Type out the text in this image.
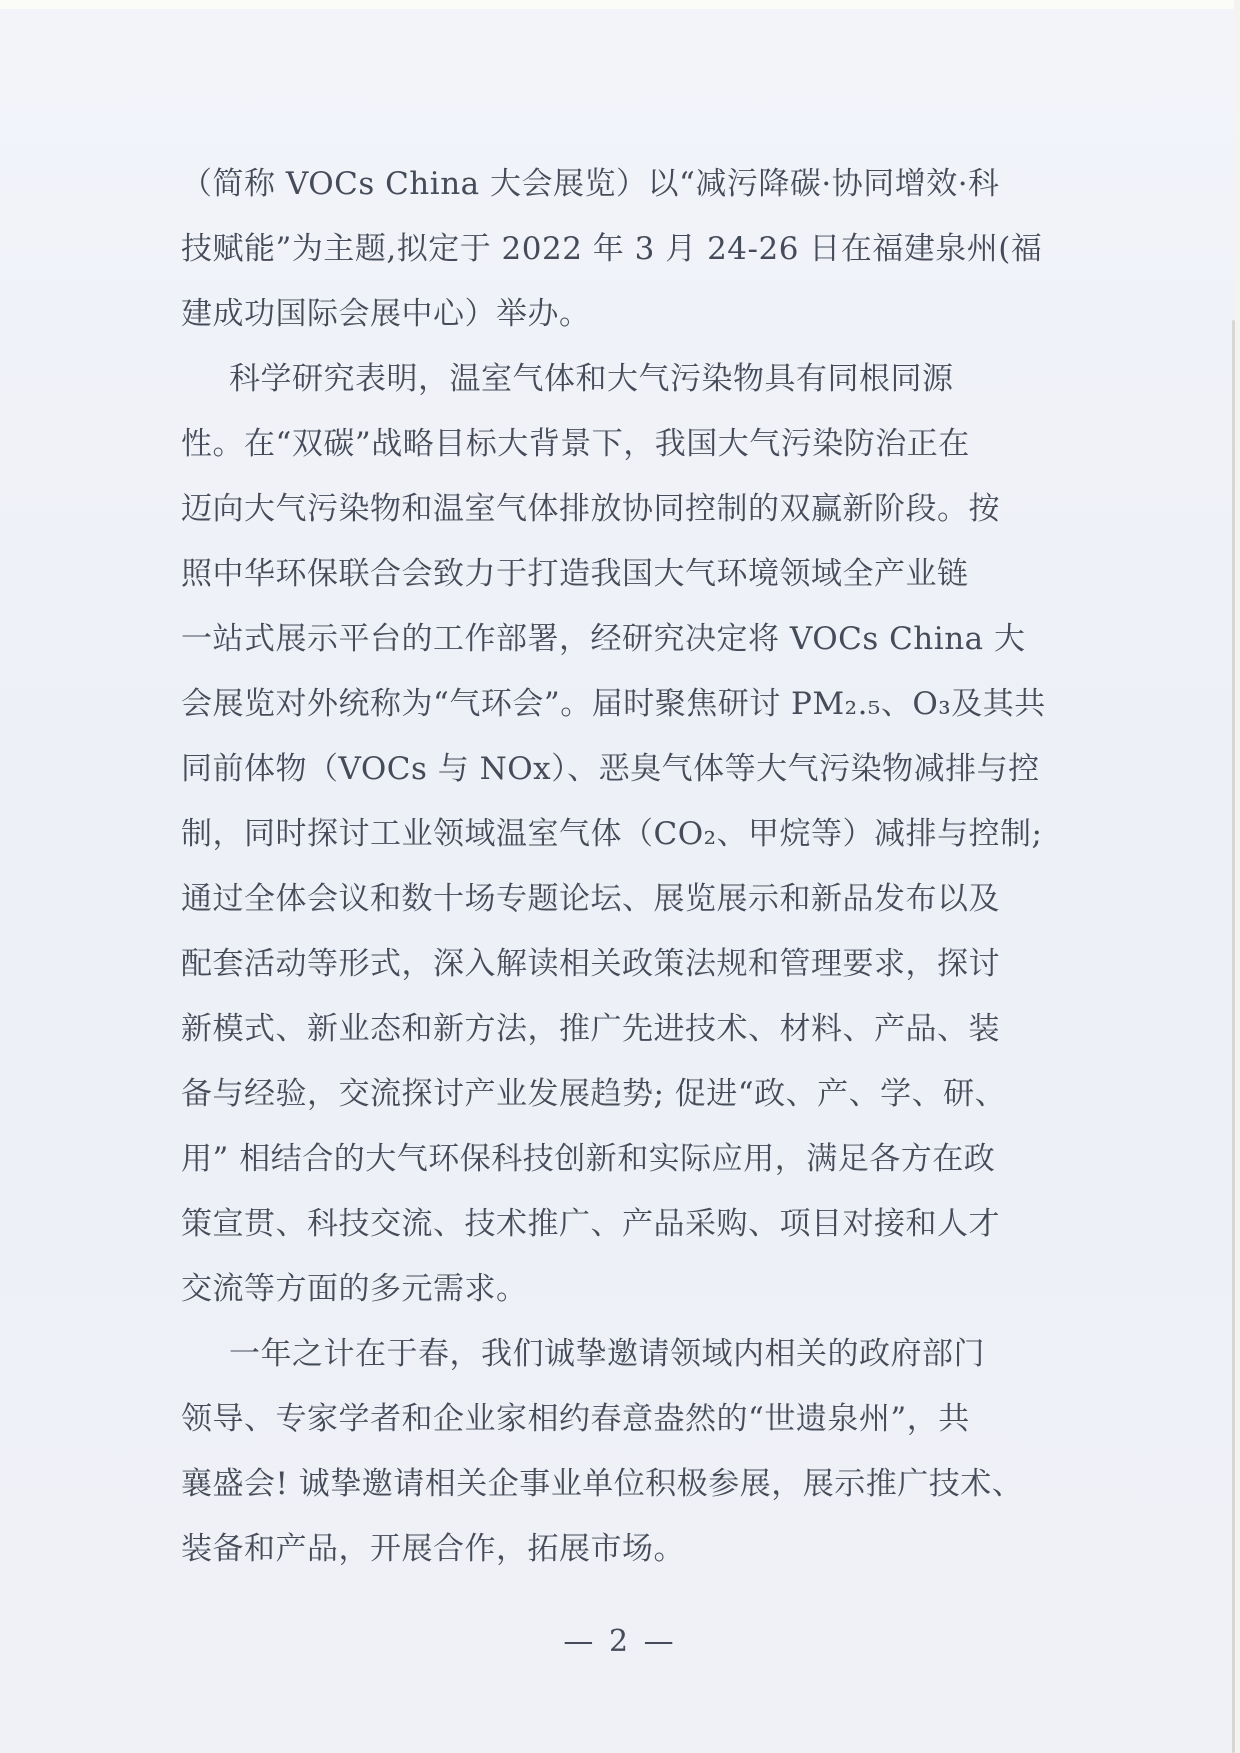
（简称 VOCs China 大会展览）以“减污降碳·协同增效·科
技赋能”为主题,拟定于 2022 年 3 月 24-26 日在福建泉州(福
建成功国际会展中心）举办。
科学研究表明，温室气体和大气污染物具有同根同源
性。在“双碳”战略目标大背景下，我国大气污染防治正在
迈向大气污染物和温室气体排放协同控制的双赢新阶段。按
照中华环保联合会致力于打造我国大气环境领域全产业链
一站式展示平台的工作部署，经研究决定将 VOCs China 大
会展览对外统称为“气环会”。届时聚焦研讨 PM₂.₅、O₃及其共
同前体物（VOCs 与 NOx）、恶臭气体等大气污染物减排与控
制，同时探讨工业领域温室气体（CO₂、甲烷等）减排与控制;
通过全体会议和数十场专题论坛、展览展示和新品发布以及
配套活动等形式，深入解读相关政策法规和管理要求，探讨
新模式、新业态和新方法，推广先进技术、材料、产品、装
备与经验，交流探讨产业发展趋势; 促进“政、产、学、研、
用” 相结合的大气环保科技创新和实际应用，满足各方在政
策宣贯、科技交流、技术推广、产品采购、项目对接和人才
交流等方面的多元需求。
一年之计在于春，我们诚挚邀请领域内相关的政府部门
领导、专家学者和企业家相约春意盎然的“世遗泉州”，共
襄盛会! 诚挚邀请相关企事业单位积极参展，展示推广技术、
装备和产品，开展合作，拓展市场。
— 2 —
